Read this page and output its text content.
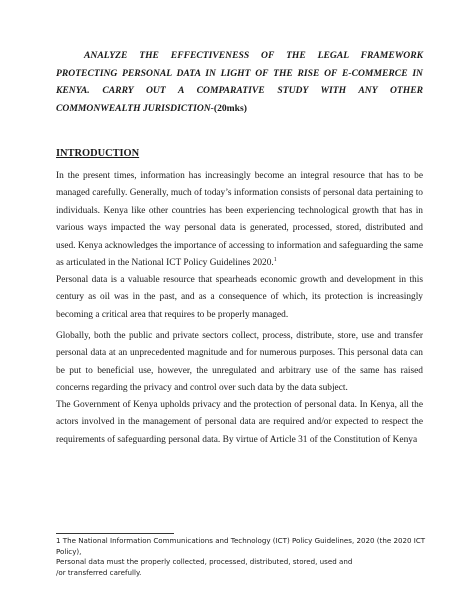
ANALYZE THE EFFECTIVENESS OF THE LEGAL FRAMEWORK PROTECTING PERSONAL DATA IN LIGHT OF THE RISE OF E-COMMERCE IN KENYA. CARRY OUT A COMPARATIVE STUDY WITH ANY OTHER COMMONWEALTH JURISDICTION-(20mks)

INTRODUCTION

In the present times, information has increasingly become an integral resource that has to be managed carefully. Generally, much of today’s information consists of personal data pertaining to individuals. Kenya like other countries has been experiencing technological growth that has in various ways impacted the way personal data is generated, processed, stored, distributed and used. Kenya acknowledges the importance of accessing to information and safeguarding the same as articulated in the National ICT Policy Guidelines 2020.$^1$

Personal data is a valuable resource that spearheads economic growth and development in this century as oil was in the past, and as a consequence of which, its protection is increasingly becoming a critical area that requires to be properly managed.

Globally, both the public and private sectors collect, process, distribute, store, use and transfer personal data at an unprecedented magnitude and for numerous purposes. This personal data can be put to beneficial use, however, the unregulated and arbitrary use of the same has raised concerns regarding the privacy and control over such data by the data subject.

The Government of Kenya upholds privacy and the protection of personal data. In Kenya, all the actors involved in the management of personal data are required and/or expected to respect the requirements of safeguarding personal data. By virtue of Article 31 of the Constitution of Kenya

1 The National Information Communications and Technology (ICT) Policy Guidelines, 2020 (the 2020 ICT Policy),
Personal data must the properly collected, processed, distributed, stored, used and
/or transferred carefully.
